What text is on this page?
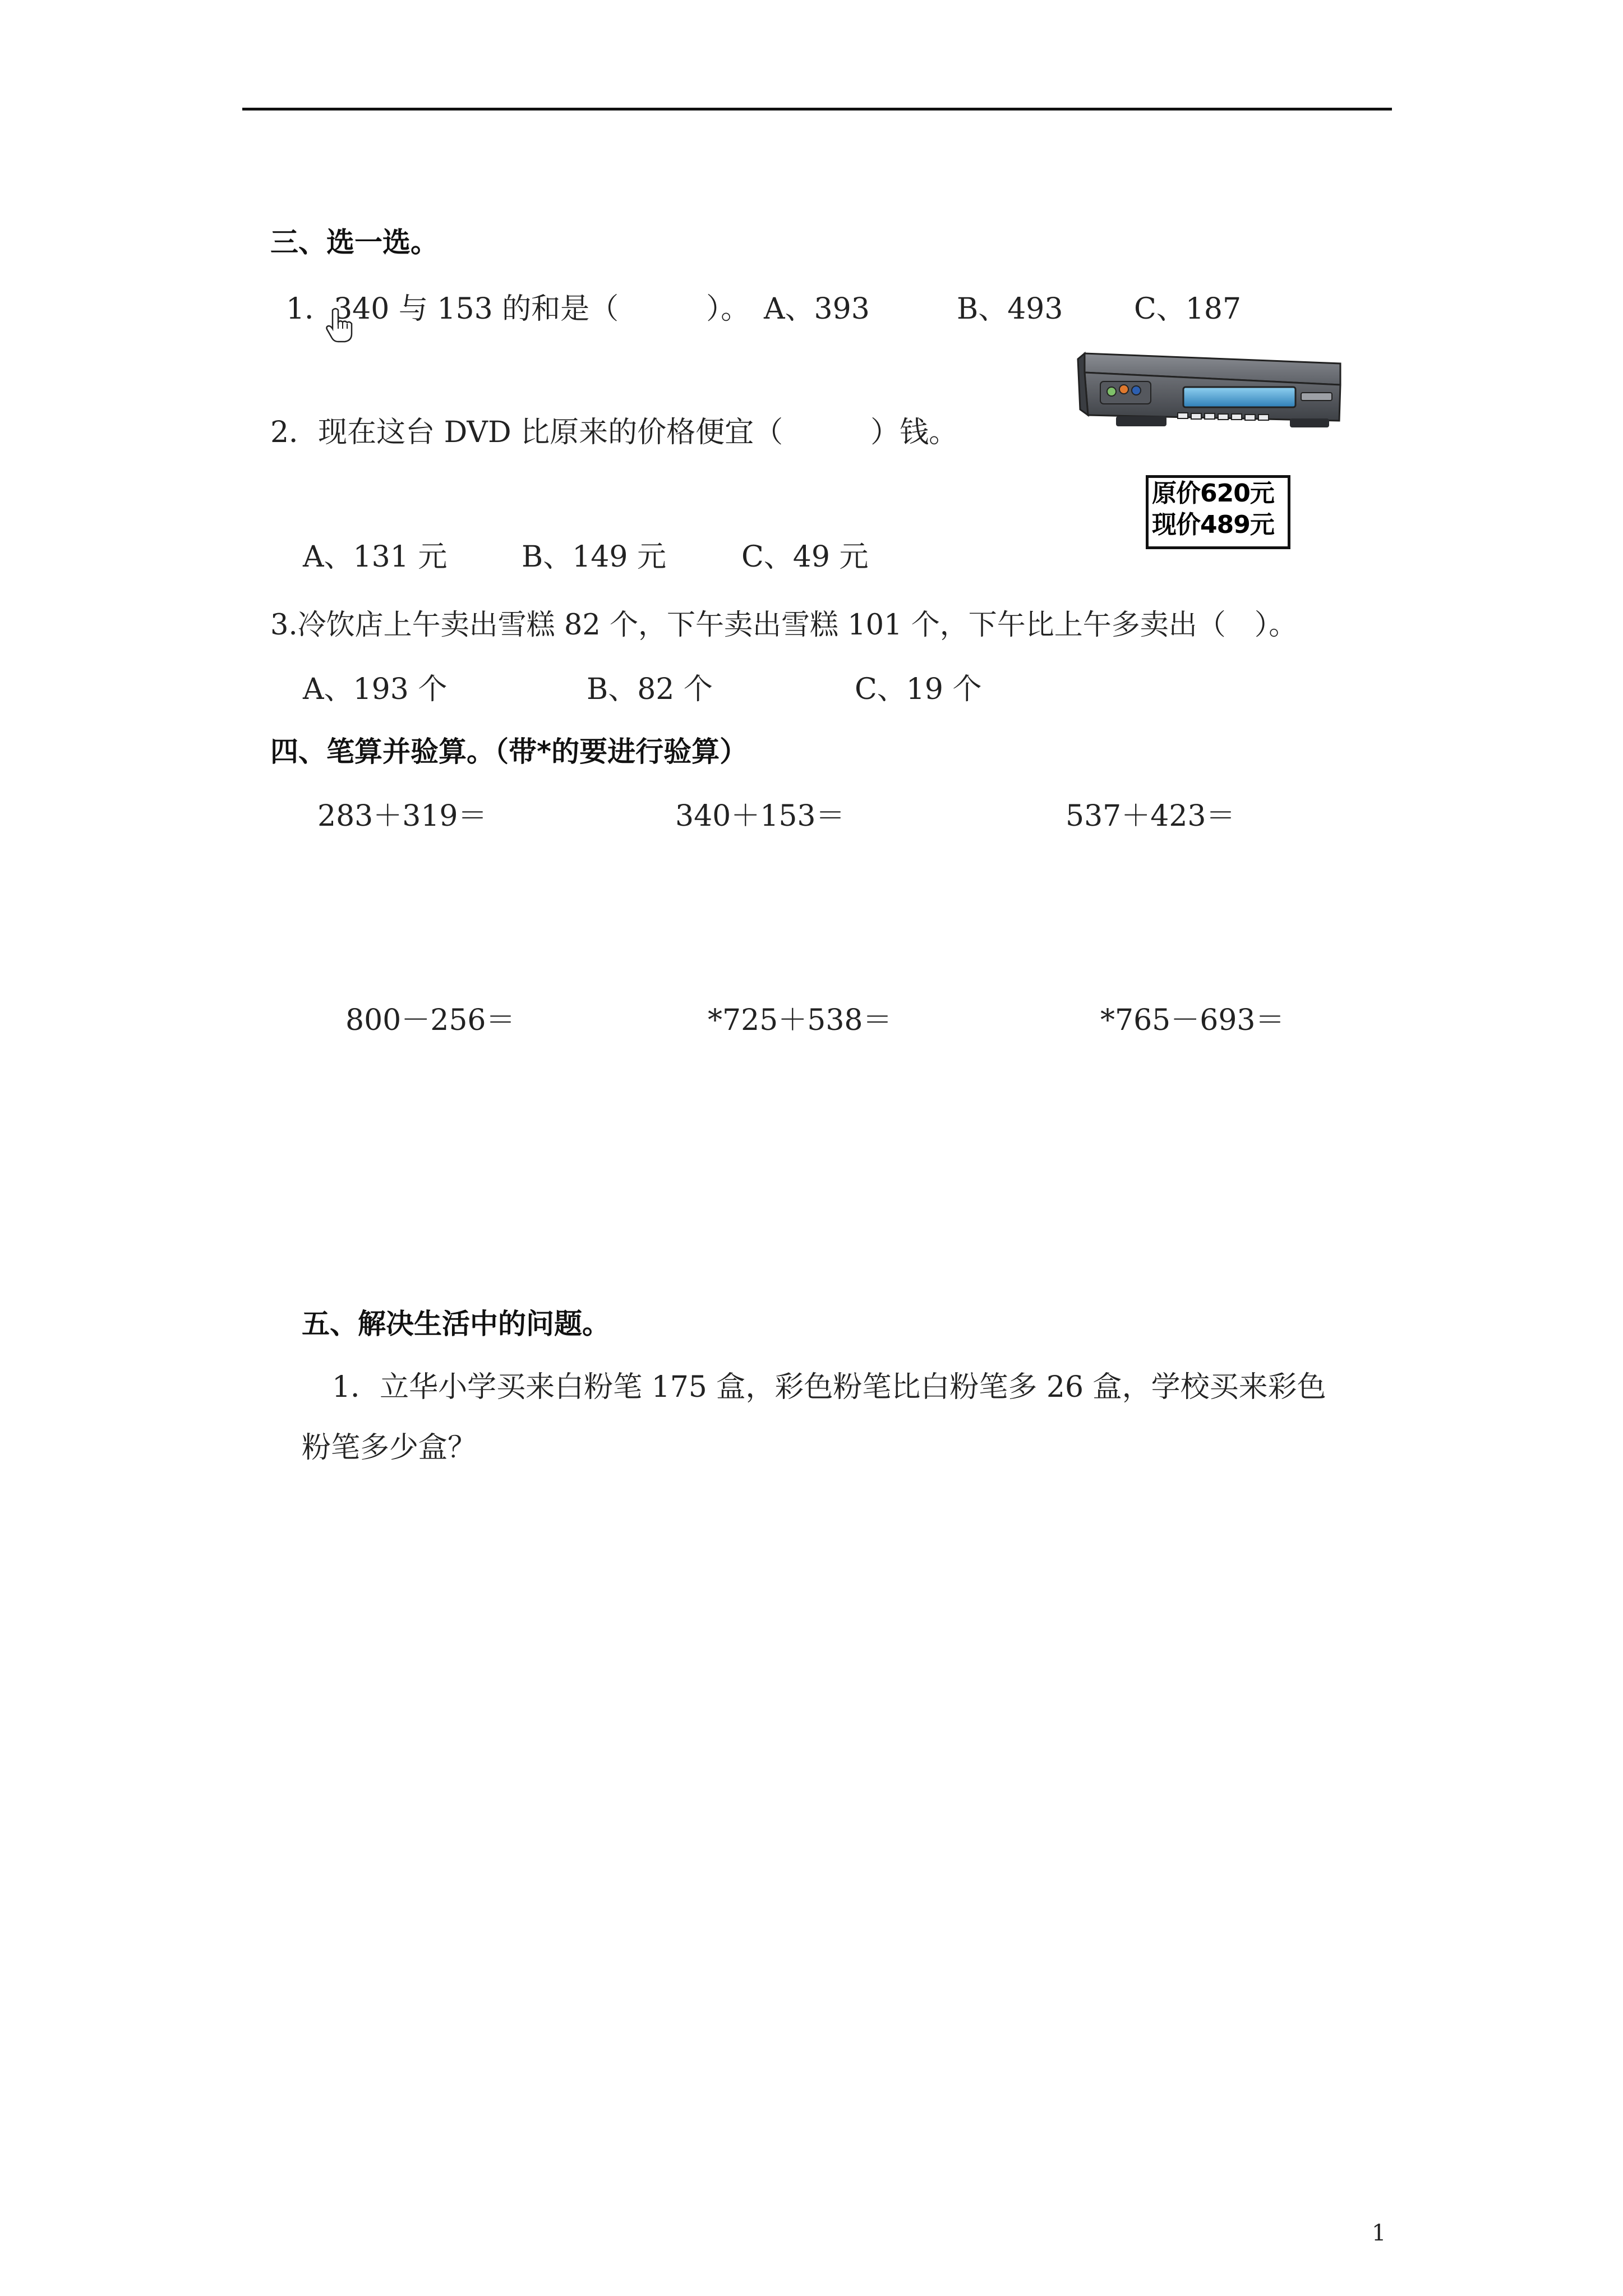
三、选一选。
1．340 与 153 的和是（　　　）。 A、393	B、493 C、187
2．现在这台 DVD 比原来的价格便宜（　　　）钱。
原价620元
现价489元
A、131 元	B、149 元	C、49 元
3.冷饮店上午卖出雪糕 82 个，下午卖出雪糕 101 个，下午比上午多卖出（　）。
A、193 个	B、82 个	C、19 个
四、笔算并验算。（带*的要进行验算）
283＋319＝	340＋153＝	537＋423＝
800－256＝	*725＋538＝	*765－693＝
五、解决生活中的问题。
1．立华小学买来白粉笔 175 盒，彩色粉笔比白粉笔多 26 盒，学校买来彩色
粉笔多少盒？
1
